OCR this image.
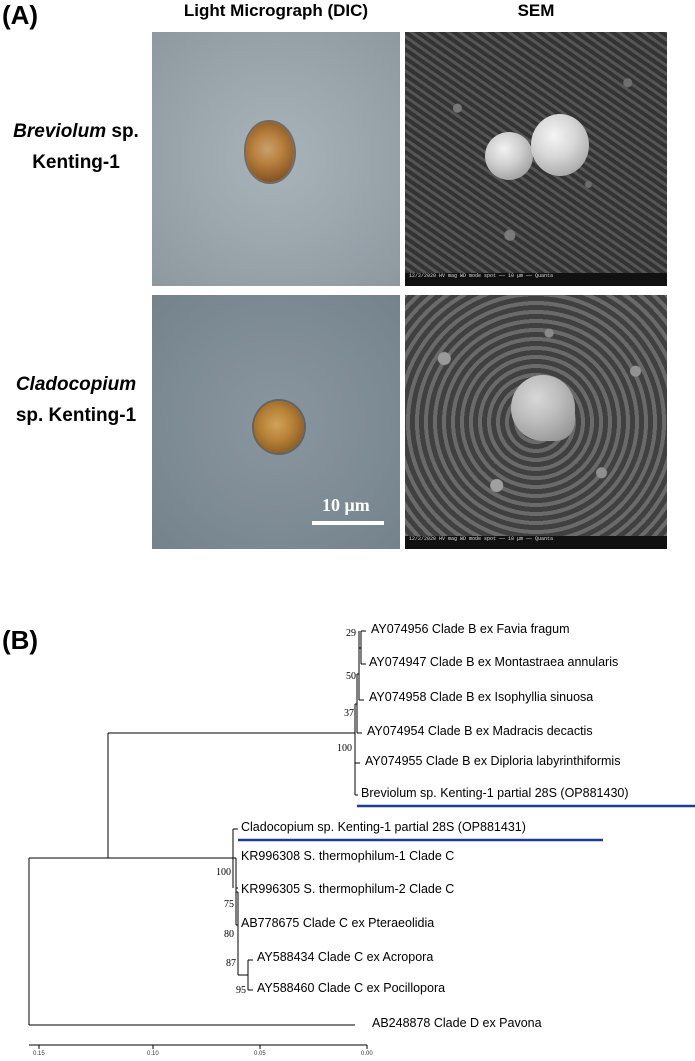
(A)	Light Micrograph (DIC)	SEM
Breviolum sp.
Kenting-1
Cladocopium
sp. Kenting-1
12/2/2020 HV mag WD mode spot —— 10 μm —— Quanta
10 μm
12/2/2020 HV mag WD mode spot —— 10 μm —— Quanta
(B)	AY074956 Clade B ex Favia fragum
AY074947 Clade B ex Montastraea annularis
AY074958 Clade B ex Isophyllia sinuosa
AY074954 Clade B ex Madracis decactis
AY074955 Clade B ex Diploria labyrinthiformis
Breviolum sp. Kenting-1 partial 28S (OP881430)
Cladocopium sp. Kenting-1 partial 28S (OP881431)
KR996308 S. thermophilum-1 Clade C
KR996305 S. thermophilum-2 Clade C
AB778675 Clade C ex Pteraeolidia
AY588434 Clade C ex Acropora
AY588460 Clade C ex Pocillopora
AB248878 Clade D ex Pavona
29
50
37
100
100
75
80
87
95
0.15	0.10	0.05	0.00
